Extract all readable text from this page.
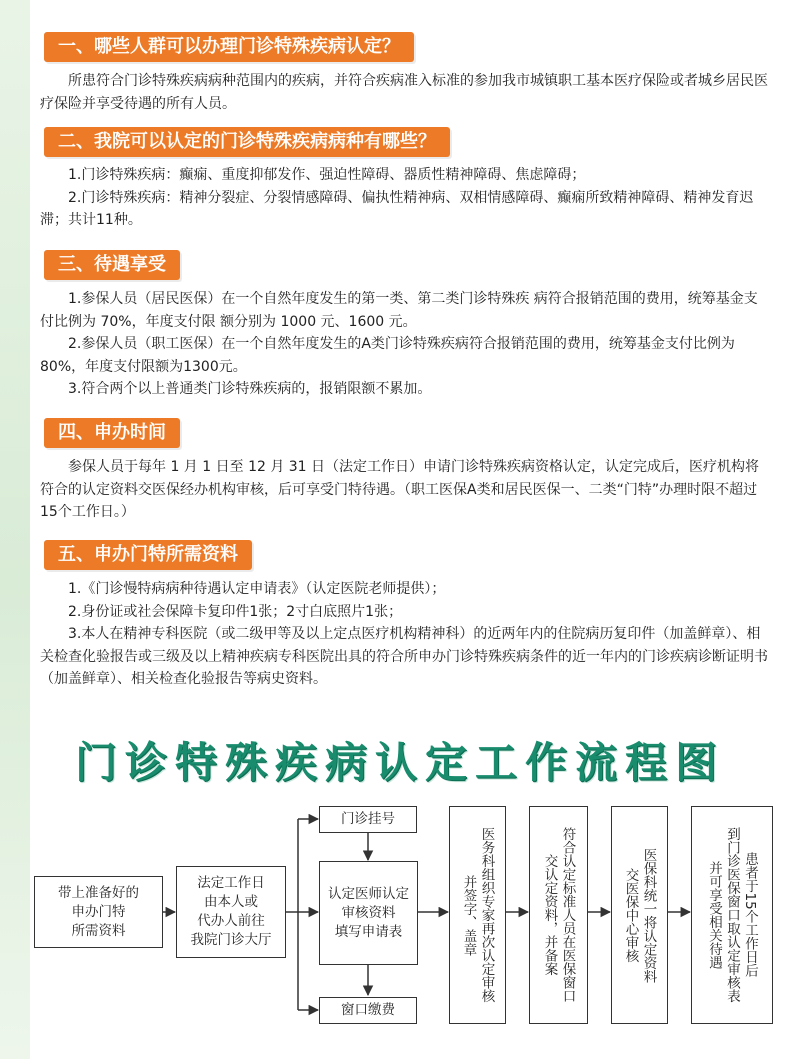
一、哪些人群可以办理门诊特殊疾病认定？

所患符合门诊特殊疾病病种范围内的疾病，并符合疾病准入标准的参加我市城镇职工基本医疗保险或者城乡居民医疗保险并享受待遇的所有人员。

二、我院可以认定的门诊特殊疾病病种有哪些？

1.门诊特殊疾病：癫痫、重度抑郁发作、强迫性障碍、器质性精神障碍、焦虑障碍；

2.门诊特殊疾病：精神分裂症、分裂情感障碍、偏执性精神病、双相情感障碍、癫痫所致精神障碍、精神发育迟滞；共计11种。

三、待遇享受

1.参保人员（居民医保）在一个自然年度发生的第一类、第二类门诊特殊疾 病符合报销范围的费用，统筹基金支付比例为 70%，年度支付限 额分别为 1000 元、1600 元。

2.参保人员（职工医保）在一个自然年度发生的A类门诊特殊疾病符合报销范围的费用，统筹基金支付比例为 80%，年度支付限额为1300元。

3.符合两个以上普通类门诊特殊疾病的，报销限额不累加。

四、申办时间

参保人员于每年 1 月 1 日至 12 月 31 日（法定工作日）申请门诊特殊疾病资格认定，认定完成后，医疗机构将符合的认定资料交医保经办机构审核，后可享受门特待遇。（职工医保A类和居民医保一、二类“门特”办理时限不超过15个工作日。）

五、申办门特所需资料

1.《门诊慢特病病种待遇认定申请表》（认定医院老师提供）；

2.身份证或社会保障卡复印件1张；2寸白底照片1张；

3.本人在精神专科医院（或二级甲等及以上定点医疗机构精神科）的近两年内的住院病历复印件（加盖鲜章）、相关检查化验报告或三级及以上精神疾病专科医院出具的符合所申办门诊特殊疾病条件的近一年内的门诊疾病诊断证明书（加盖鲜章）、相关检查化验报告等病史资料。

门诊特殊疾病认定工作流程图
带上准备好的
申办门特
所需资料
法定工作日
由本人或
代办人前往
我院门诊大厅
门诊挂号
认定医师认定
审核资料
填写申请表
窗口缴费
医务科组织专家再次认定审核
并签字、盖章	符合认定标准人员在医保窗口
交认定资料，并备案	医保科统一将认定资料
交医保中心审核	患者于15个工作日后
到门诊医保窗口取认定审核表
并可享受相关待遇
